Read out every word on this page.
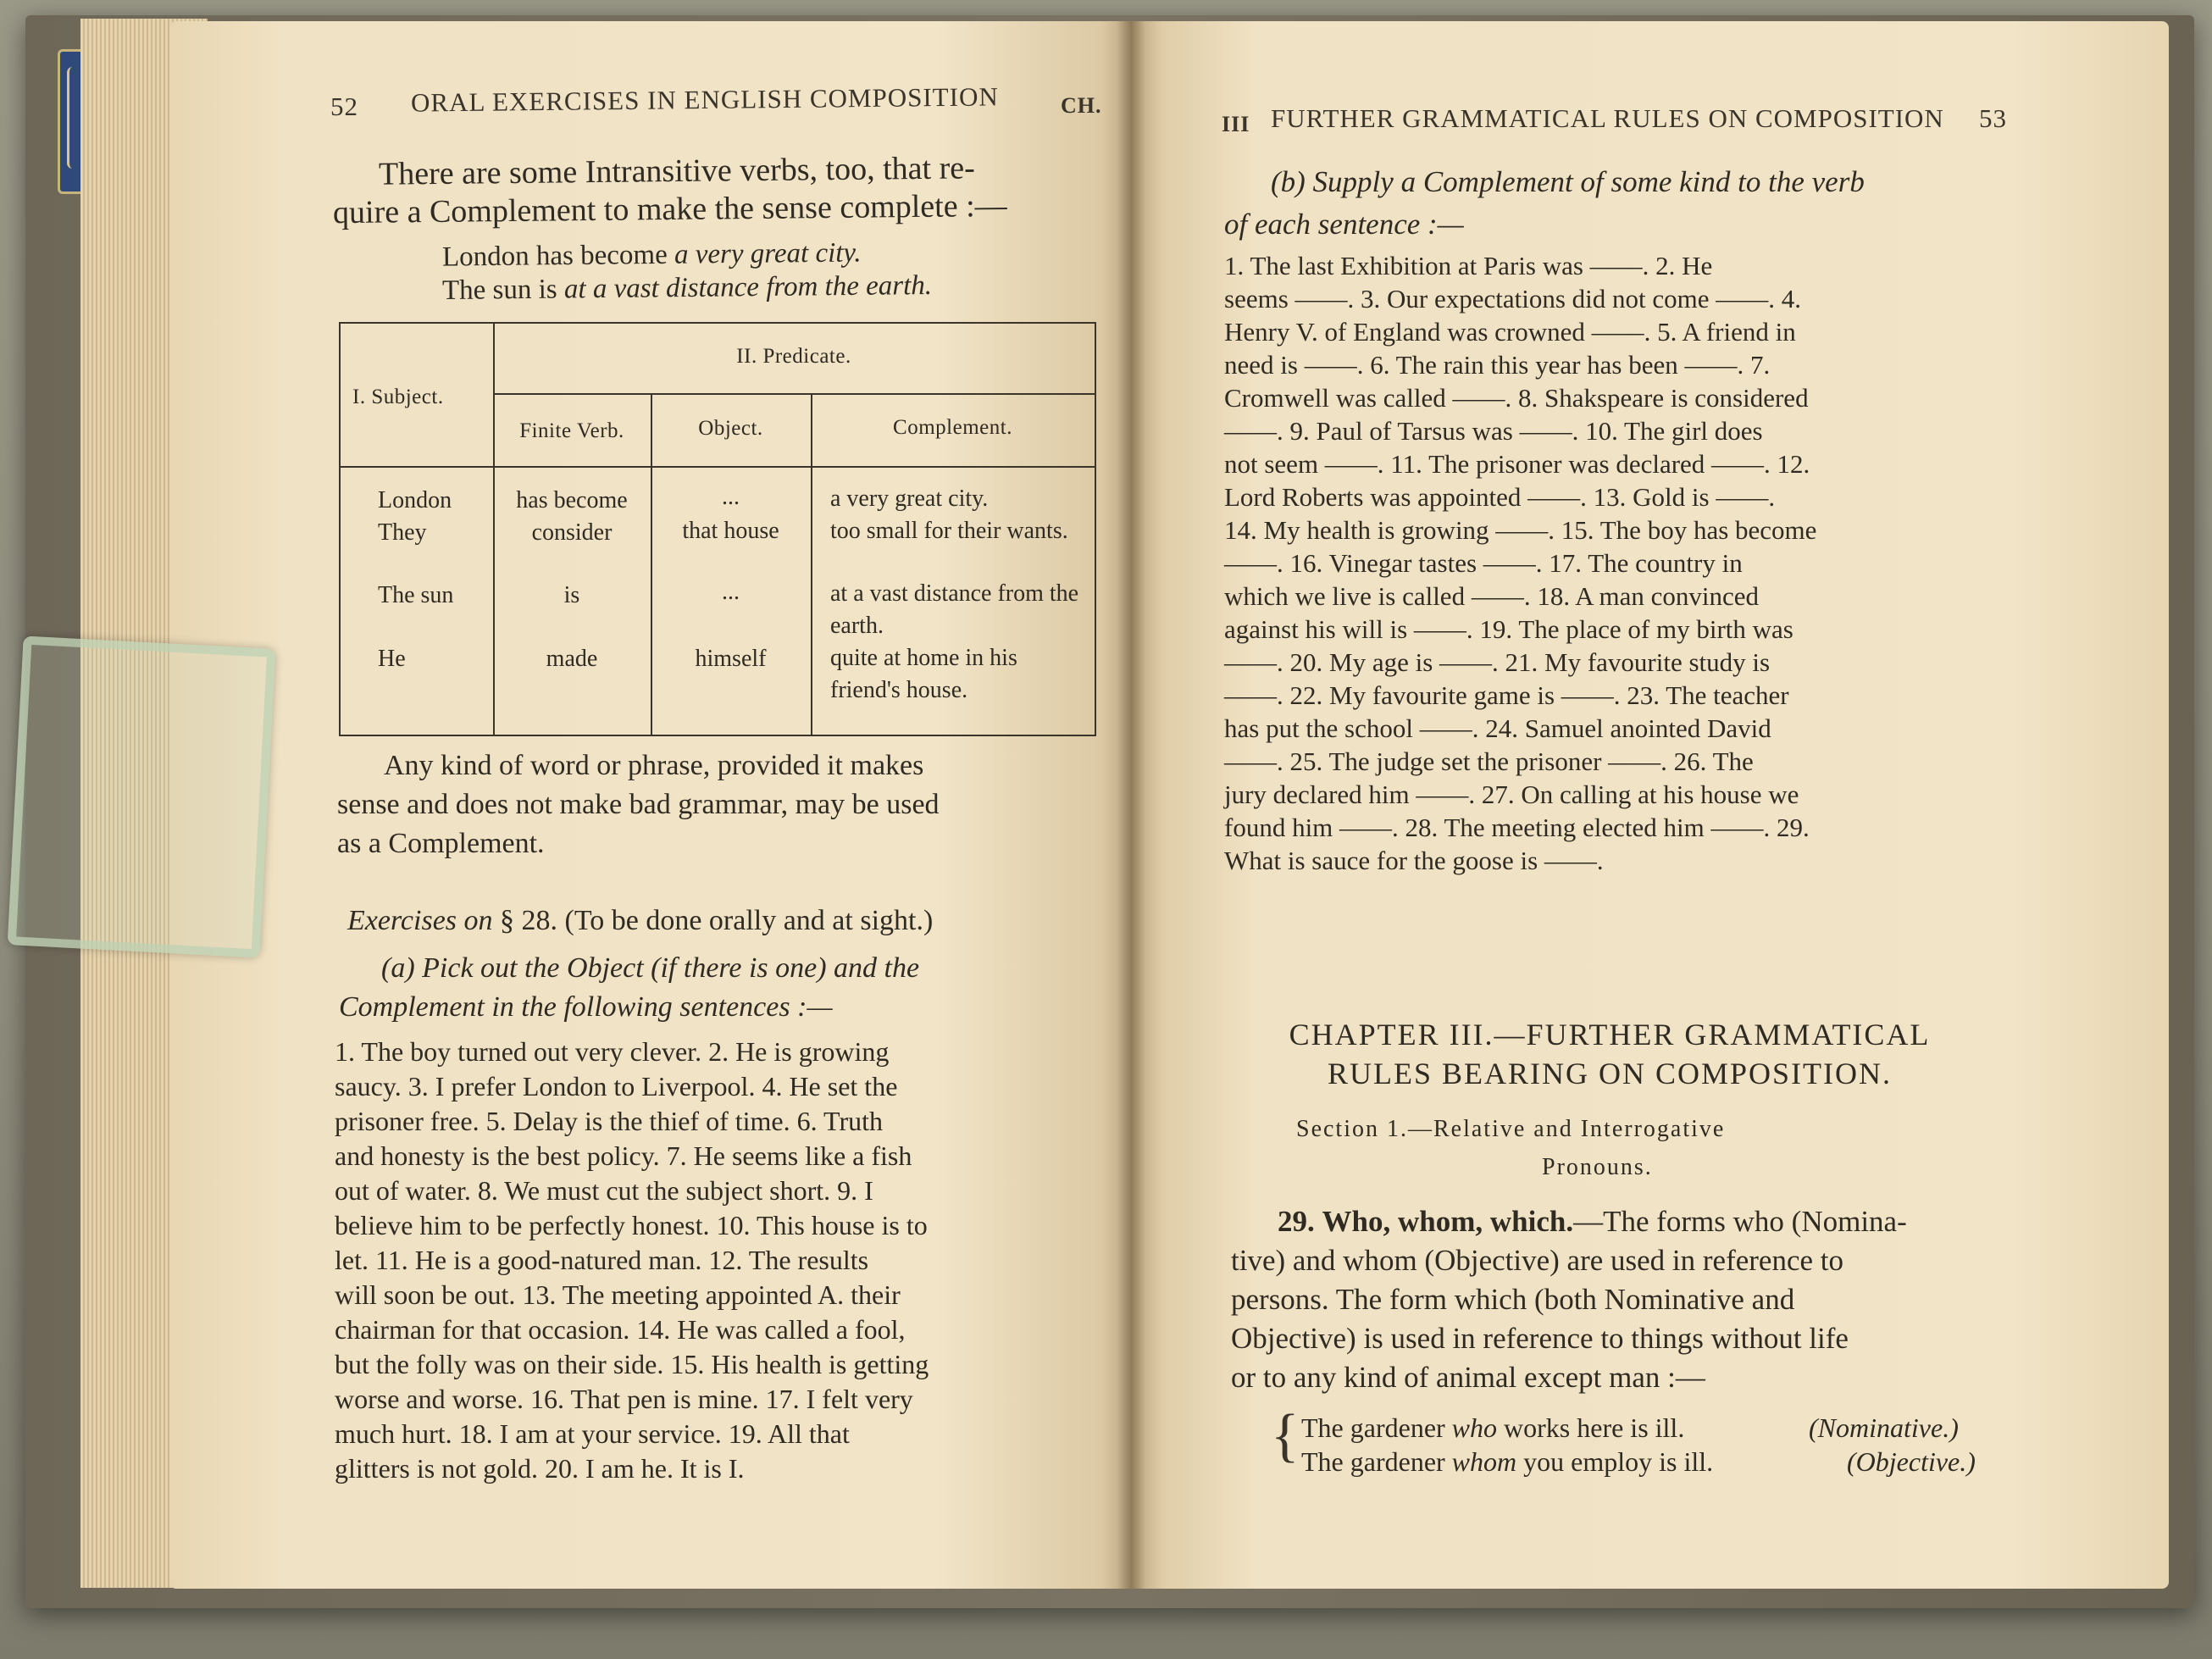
52 ORAL EXERCISES IN ENGLISH COMPOSITION	CH.
There are some Intransitive verbs, too, that re-
quire a Complement to make the sense complete :—
London has become a very great city.
The sun is at a vast distance from the earth.
I. Subject.
II. Predicate.
Finite Verb.	Object.	Complement.
London	has become	...	a very great city.
They	consider	that house	too small for their wants.
The sun	is	...	at a vast distance from the earth.
He	made	himself	quite at home in his friend's house.
Any kind of word or phrase, provided it makes
sense and does not make bad grammar, may be used
as a Complement.
Exercises on § 28. (To be done orally and at sight.)
(a) Pick out the Object (if there is one) and the
Complement in the following sentences :—
1. The boy turned out very clever. 2. He is growing
saucy. 3. I prefer London to Liverpool. 4. He set the
prisoner free. 5. Delay is the thief of time. 6. Truth
and honesty is the best policy. 7. He seems like a fish
out of water. 8. We must cut the subject short. 9. I
believe him to be perfectly honest. 10. This house is to
let. 11. He is a good-natured man. 12. The results
will soon be out. 13. The meeting appointed A. their
chairman for that occasion. 14. He was called a fool,
but the folly was on their side. 15. His health is getting
worse and worse. 16. That pen is mine. 17. I felt very
much hurt. 18. I am at your service. 19. All that
glitters is not gold. 20. I am he. It is I.
III FURTHER GRAMMATICAL RULES ON COMPOSITION 53
(b) Supply a Complement of some kind to the verb
of each sentence :—
1. The last Exhibition at Paris was ——. 2. He
seems ——. 3. Our expectations did not come ——. 4.
Henry V. of England was crowned ——. 5. A friend in
need is ——. 6. The rain this year has been ——. 7.
Cromwell was called ——. 8. Shakspeare is considered
——. 9. Paul of Tarsus was ——. 10. The girl does
not seem ——. 11. The prisoner was declared ——. 12.
Lord Roberts was appointed ——. 13. Gold is ——.
14. My health is growing ——. 15. The boy has become
——. 16. Vinegar tastes ——. 17. The country in
which we live is called ——. 18. A man convinced
against his will is ——. 19. The place of my birth was
——. 20. My age is ——. 21. My favourite study is
——. 22. My favourite game is ——. 23. The teacher
has put the school ——. 24. Samuel anointed David
——. 25. The judge set the prisoner ——. 26. The
jury declared him ——. 27. On calling at his house we
found him ——. 28. The meeting elected him ——. 29.
What is sauce for the goose is ——.
CHAPTER III.—FURTHER GRAMMATICAL
RULES BEARING ON COMPOSITION.
Section 1.—Relative and Interrogative
Pronouns.
29. Who, whom, which.—The forms who (Nomina-
tive) and whom (Objective) are used in reference to
persons. The form which (both Nominative and
Objective) is used in reference to things without life
or to any kind of animal except man :—
{ The gardener who works here is ill.	(Nominative.)
The gardener whom you employ is ill.	(Objective.)
